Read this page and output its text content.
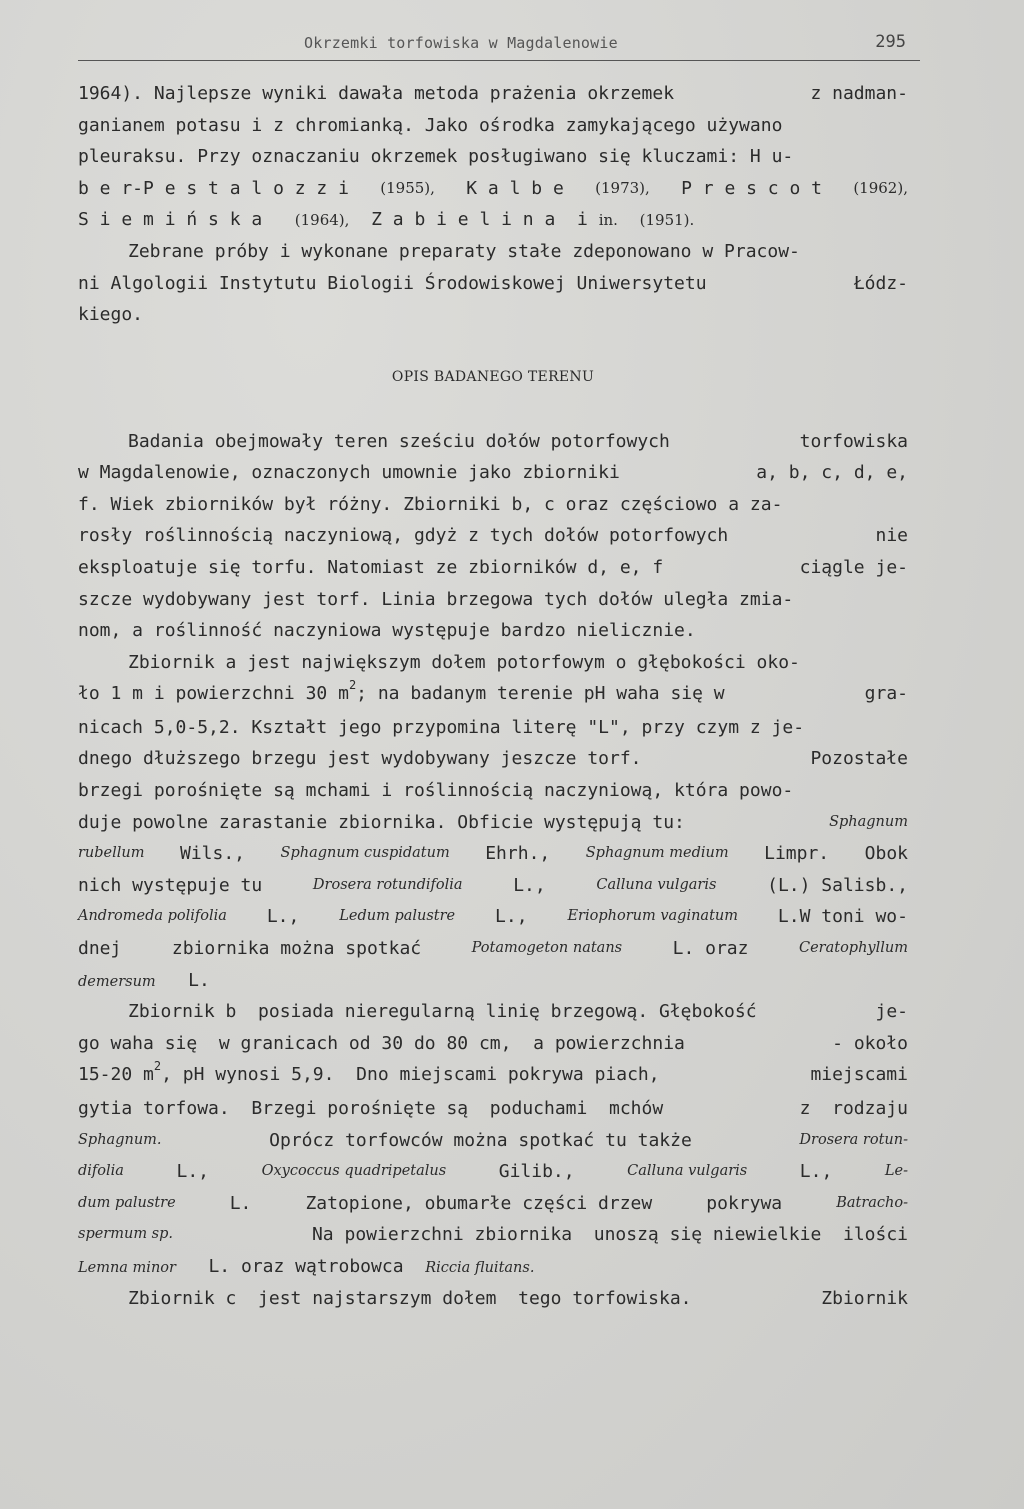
Okrzemki torfowiska w Magdalenowie	295
1964). Najlepsze wyniki dawała metoda prażenia okrzemek	z nadman-
ganianem potasu i z chromianką. Jako ośrodka zamykającego używano
pleuraksu. Przy oznaczaniu okrzemek posługiwano się kluczami: H u-
b e r-P e s t a l o z z i (1955), K a l b e (1973), P r e s c o t (1962),
S i e m i ń s k a (1964), Z a b i e l i n a i in. (1951).
Zebrane próby i wykonane preparaty stałe zdeponowano w Pracow-
ni Algologii Instytutu Biologii Środowiskowej Uniwersytetu	Łódz-
kiego.
OPIS BADANEGO TERENU
Badania obejmowały teren sześciu dołów potorfowych	torfowiska
w Magdalenowie, oznaczonych umownie jako zbiorniki	a, b, c, d, e,
f. Wiek zbiorników był różny. Zbiorniki b, c oraz częściowo a za-
rosły roślinnością naczyniową, gdyż z tych dołów potorfowych	nie
eksploatuje się torfu. Natomiast ze zbiorników d, e, f	ciągle je-
szcze wydobywany jest torf. Linia brzegowa tych dołów uległa zmia-
nom, a roślinność naczyniowa występuje bardzo nielicznie.
Zbiornik a jest największym dołem potorfowym o głębokości oko-
ło 1 m i powierzchni 30 $m^2$; na badanym terenie pH waha się w	gra-
nicach 5,0-5,2. Kształt jego przypomina literę "L", przy czym z je-
dnego dłuższego brzegu jest wydobywany jeszcze torf.	Pozostałe
brzegi porośnięte są mchami i roślinnością naczyniową, która powo-
duje powolne zarastanie zbiornika. Obficie występują tu:	Sphagnum
rubellum Wils., Sphagnum cuspidatum Ehrh., Sphagnum medium Limpr. Obok
nich występuje tu	Drosera rotundifolia	L.,	Calluna vulgaris	(L.) Salisb.,
Andromeda polifolia L.,	Ledum palustre L.,	Eriophorum vaginatum L.W toni wo-
dnej	zbiornika można spotkać	Potamogeton natans	L. oraz	Ceratophyllum
demersum L.
Zbiornik b  posiada nieregularną linię brzegową. Głębokość	je-
go waha się  w granicach od 30 do 80 cm,  a powierzchnia	- około
15-20 $m^2$, pH wynosi 5,9.  Dno miejscami pokrywa piach,	miejscami
gytia torfowa.  Brzegi porośnięte są  poduchami  mchów	z  rodzaju
Sphagnum.	Oprócz torfowców można spotkać tu także	Drosera rotun-
difolia	L.,	Oxycoccus quadripetalus	Gilib.,	Calluna vulgaris	L.,	Le-
dum palustre	L.	Zatopione, obumarłe części drzew	pokrywa	Batracho-
spermum sp.	Na powierzchni zbiornika  unoszą się niewielkie  ilości
Lemna minor L. oraz wątrobowca Riccia fluitans.
Zbiornik c  jest najstarszym dołem  tego torfowiska.	Zbiornik
